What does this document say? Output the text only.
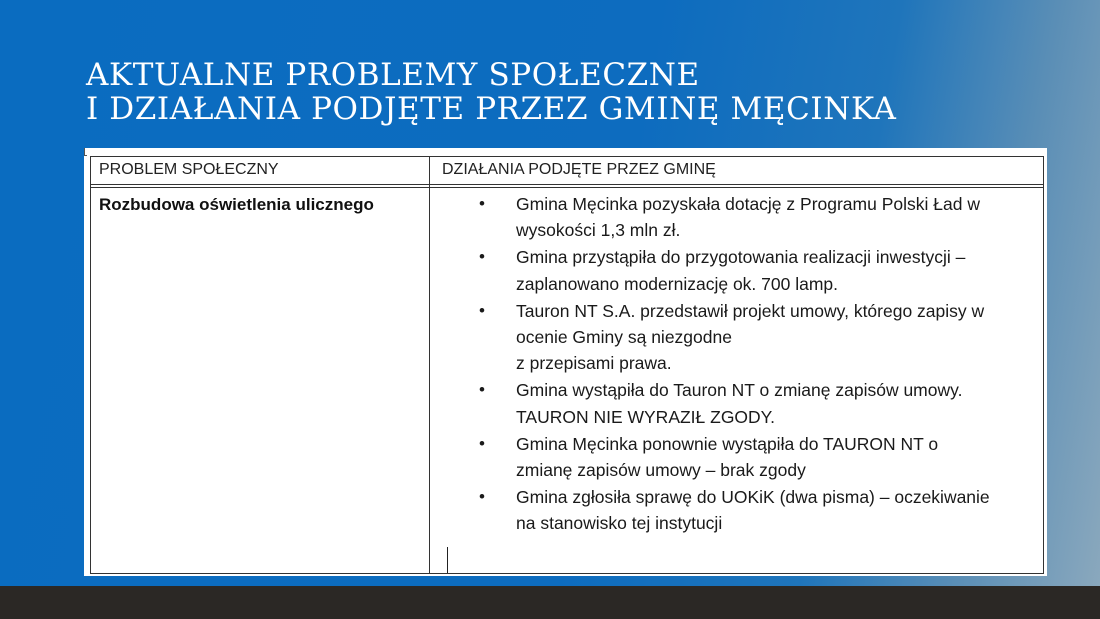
AKTUALNE PROBLEMY SPOŁECZNE
I DZIAŁANIA PODJĘTE PRZEZ GMINĘ MĘCINKA
PROBLEM SPOŁECZNY	DZIAŁANIA PODJĘTE PRZEZ GMINĘ
Rozbudowa oświetlenia ulicznego
•	Gmina Męcinka pozyskała dotację z Programu Polski Ład w
wysokości 1,3 mln zł.
• Gmina przystąpiła do przygotowania realizacji inwestycji –
zaplanowano modernizację ok. 700 lamp.
• Tauron NT S.A. przedstawił projekt umowy, którego zapisy w
ocenie Gminy są niezgodne
z przepisami prawa.
• Gmina wystąpiła do Tauron NT o zmianę zapisów umowy.
TAURON NIE WYRAZIŁ ZGODY.
• Gmina Męcinka ponownie wystąpiła do TAURON NT o
zmianę zapisów umowy – brak zgody
• Gmina zgłosiła sprawę do UOKiK (dwa pisma) – oczekiwanie
na stanowisko tej instytucji
